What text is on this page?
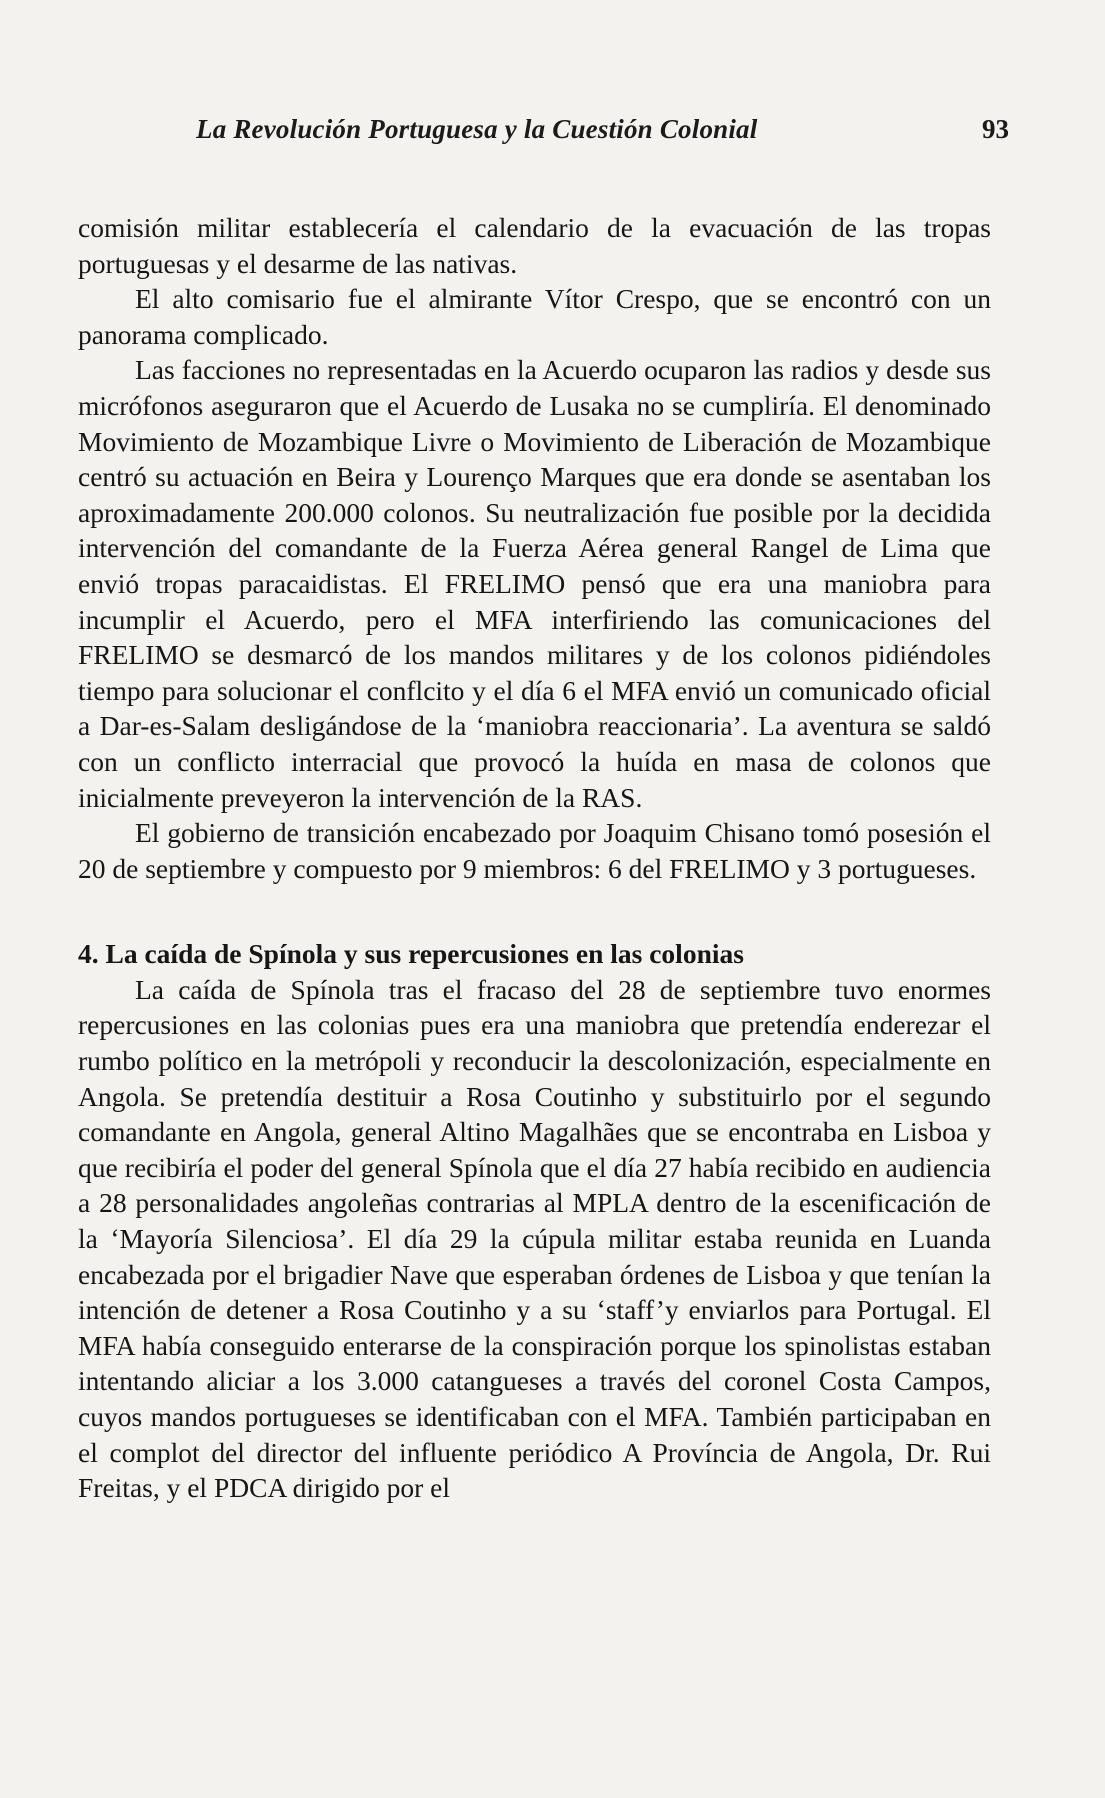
La Revolución Portuguesa y la Cuestión Colonial	93

comisión militar establecería el calendario de la evacuación de las tropas portuguesas y el desarme de las nativas.

El alto comisario fue el almirante Vítor Crespo, que se encontró con un panorama complicado.

Las facciones no representadas en la Acuerdo ocuparon las radios y desde sus micrófonos aseguraron que el Acuerdo de Lusaka no se cumpliría. El denominado Movimiento de Mozambique Livre o Movimiento de Liberación de Mozambique centró su actuación en Beira y Lourenço Marques que era donde se asentaban los aproximadamente 200.000 colonos. Su neutralización fue posible por la decidida intervención del comandante de la Fuerza Aérea general Rangel de Lima que envió tropas paracaidistas. El FRELIMO pensó que era una maniobra para incumplir el Acuerdo, pero el MFA interfiriendo las comunicaciones del FRELIMO se desmarcó de los mandos militares y de los colonos pidiéndoles tiempo para solucionar el conflcito y el día 6 el MFA envió un comunicado oficial a Dar-es-Salam desligándose de la ‘maniobra reaccionaria’. La aventura se saldó con un conflicto interracial que provocó la huída en masa de colonos que inicialmente preveyeron la intervención de la RAS.

El gobierno de transición encabezado por Joaquim Chisano tomó posesión el 20 de septiembre y compuesto por 9 miembros: 6 del FRELIMO y 3 portugueses.

4. La caída de Spínola y sus repercusiones en las colonias

La caída de Spínola tras el fracaso del 28 de septiembre tuvo enormes repercusiones en las colonias pues era una maniobra que pretendía enderezar el rumbo político en la metrópoli y reconducir la descolonización, especialmente en Angola. Se pretendía destituir a Rosa Coutinho y substituirlo por el segundo comandante en Angola, general Altino Magalhães que se encontraba en Lisboa y que recibiría el poder del general Spínola que el día 27 había recibido en audiencia a 28 personalidades angoleñas contrarias al MPLA dentro de la escenificación de la ‘Mayoría Silenciosa’. El día 29 la cúpula militar estaba reunida en Luanda encabezada por el brigadier Nave que esperaban órdenes de Lisboa y que tenían la intención de detener a Rosa Coutinho y a su ‘staff’y enviarlos para Portugal. El MFA había conseguido enterarse de la conspiración porque los spinolistas estaban intentando aliciar a los 3.000 catangueses a través del coronel Costa Campos, cuyos mandos portugueses se identificaban con el MFA. También participaban en el complot del director del influente periódico A Província de Angola, Dr. Rui Freitas, y el PDCA dirigido por el
